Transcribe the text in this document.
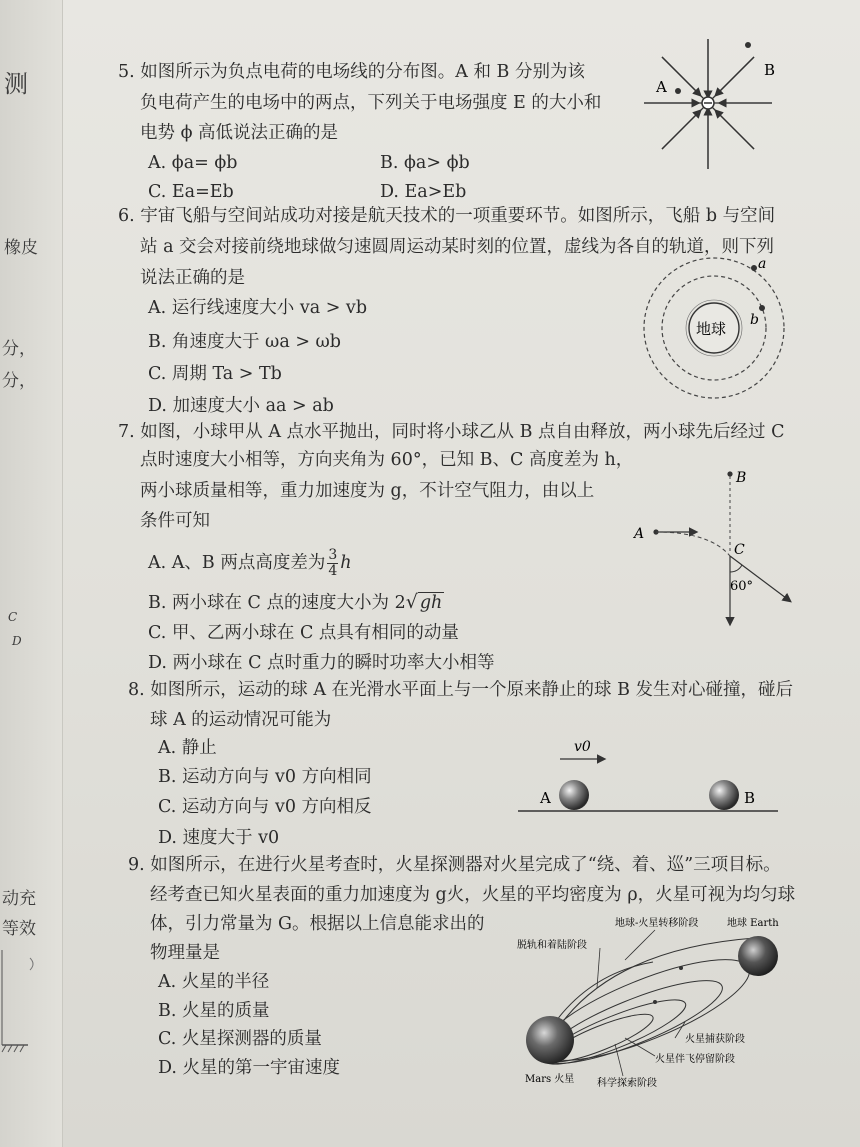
测
橡皮
分，
分，
C
D
动充
等效
5. 如图所示为负点电荷的电场线的分布图。A 和 B 分别为该
负电荷产生的电场中的两点，下列关于电场强度 E 的大小和
电势 ϕ 高低说法正确的是
A. ϕa= ϕb	B. ϕa> ϕb
C. Ea=Eb	D. Ea>Eb
A
B
6. 宇宙飞船与空间站成功对接是航天技术的一项重要环节。如图所示，飞船 b 与空间
站 a 交会对接前绕地球做匀速圆周运动某时刻的位置，虚线为各自的轨道，则下列
说法正确的是
A. 运行线速度大小 va > vb
B. 角速度大于 ωa > ωb
C. 周期 Ta > Tb
D. 加速度大小 aa > ab
地球
a
b
7. 如图，小球甲从 A 点水平抛出，同时将小球乙从 B 点自由释放，两小球先后经过 C
点时速度大小相等，方向夹角为 60°，已知 B、C 高度差为 h，
两小球质量相等，重力加速度为 g，不计空气阻力，由以上
条件可知
A. A、B 两点高度差为 $\frac{3}{4}$ h
B. 两小球在 C 点的速度大小为 2√ gh
C. 甲、乙两小球在 C 点具有相同的动量
D. 两小球在 C 点时重力的瞬时功率大小相等
B
A
C
60°
8. 如图所示，运动的球 A 在光滑水平面上与一个原来静止的球 B 发生对心碰撞，碰后
球 A 的运动情况可能为
A. 静止
B. 运动方向与 v0 方向相同
C. 运动方向与 v0 方向相反
D. 速度大于 v0
v0
A	B
9. 如图所示，在进行火星考查时，火星探测器对火星完成了“绕、着、巡”三项目标。
经考查已知火星表面的重力加速度为 g火，火星的平均密度为 ρ，火星可视为均匀球
体，引力常量为 G。根据以上信息能求出的
物理量是
A. 火星的半径
B. 火星的质量
C. 火星探测器的质量
D. 火星的第一宇宙速度
地球-火星转移阶段
脱轨和着陆阶段
地球 Earth
火星捕获阶段
火星伴飞停留阶段
Mars 火星 科学探索阶段
